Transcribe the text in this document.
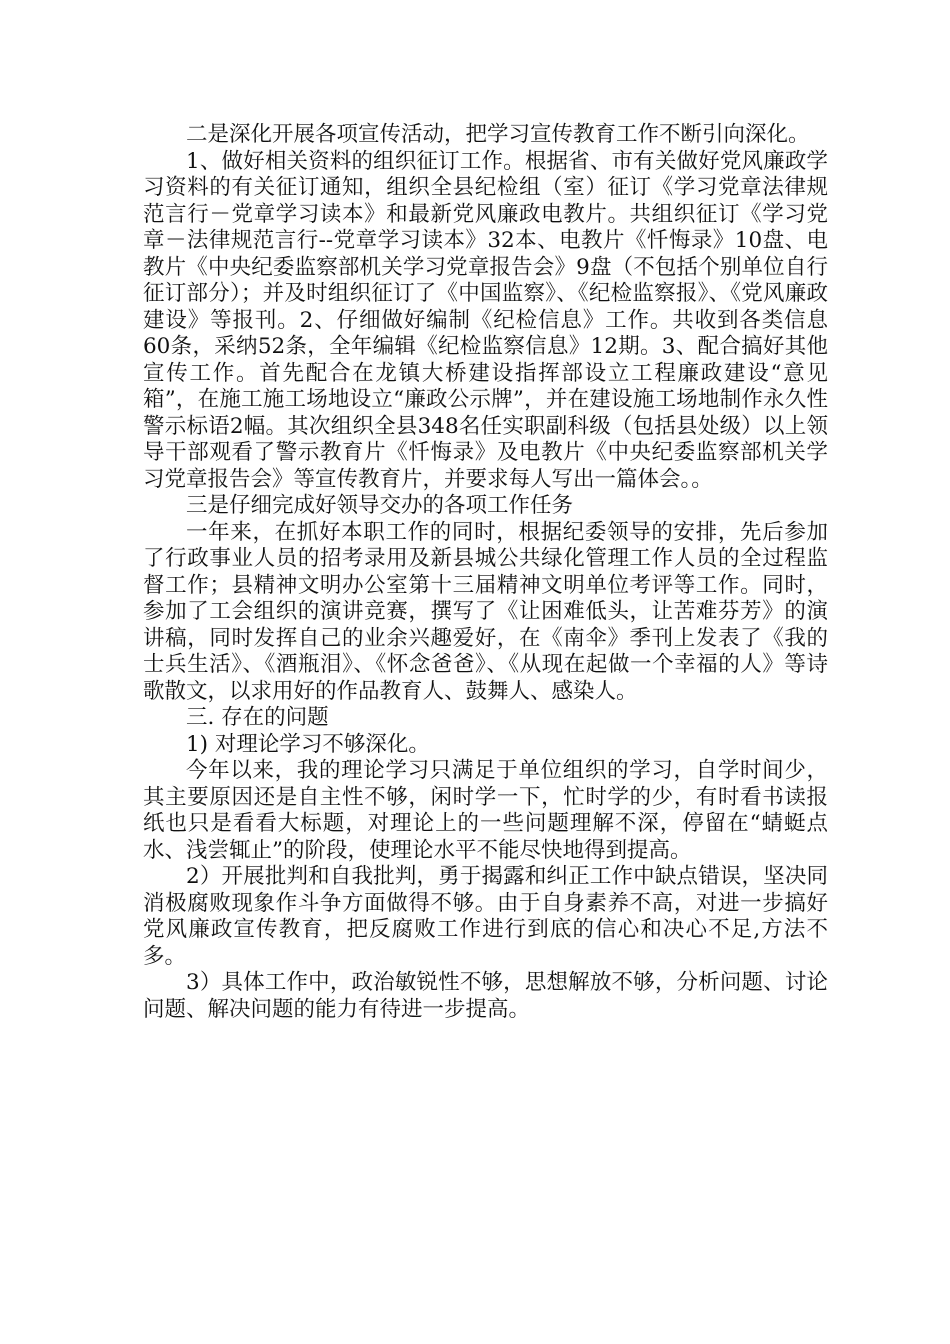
二是深化开展各项宣传活动，把学习宣传教育工作不断引向深化。

1、做好相关资料的组织征订工作。根据省、市有关做好党风廉政学习资料的有关征订通知，组织全县纪检组（室）征订《学习党章法律规范言行－党章学习读本》和最新党风廉政电教片。共组织征订《学习党章－法律规范言行--党章学习读本》32本、电教片《忏悔录》10盘、电教片《中央纪委监察部机关学习党章报告会》9盘（不包括个别单位自行征订部分）；并及时组织征订了《中国监察》、《纪检监察报》、《党风廉政建设》等报刊。2、仔细做好编制《纪检信息》工作。共收到各类信息60条，采纳52条，全年编辑《纪检监察信息》12期。3、配合搞好其他宣传工作。首先配合在龙镇大桥建设指挥部设立工程廉政建设“意见箱”，在施工施工场地设立“廉政公示牌”，并在建设施工场地制作永久性警示标语2幅。其次组织全县348名任实职副科级（包括县处级）以上领导干部观看了警示教育片《忏悔录》及电教片《中央纪委监察部机关学习党章报告会》等宣传教育片，并要求每人写出一篇体会。。

三是仔细完成好领导交办的各项工作任务

一年来，在抓好本职工作的同时，根据纪委领导的安排，先后参加了行政事业人员的招考录用及新县城公共绿化管理工作人员的全过程监督工作；县精神文明办公室第十三届精神文明单位考评等工作。同时，参加了工会组织的演讲竞赛，撰写了《让困难低头，让苦难芬芳》的演讲稿，同时发挥自己的业余兴趣爱好，在《南伞》季刊上发表了《我的士兵生活》、《酒瓶泪》、《怀念爸爸》、《从现在起做一个幸福的人》等诗歌散文，以求用好的作品教育人、鼓舞人、感染人。

三. 存在的问题

1) 对理论学习不够深化。

今年以来，我的理论学习只满足于单位组织的学习，自学时间少，其主要原因还是自主性不够，闲时学一下，忙时学的少，有时看书读报纸也只是看看大标题，对理论上的一些问题理解不深，停留在“蜻蜓点水、浅尝辄止”的阶段，使理论水平不能尽快地得到提高。

2）开展批判和自我批判，勇于揭露和纠正工作中缺点错误，坚决同消极腐败现象作斗争方面做得不够。由于自身素养不高，对进一步搞好党风廉政宣传教育，把反腐败工作进行到底的信心和决心不足,方法不多。

3）具体工作中，政治敏锐性不够，思想解放不够，分析问题、讨论问题、解决问题的能力有待进一步提高。
